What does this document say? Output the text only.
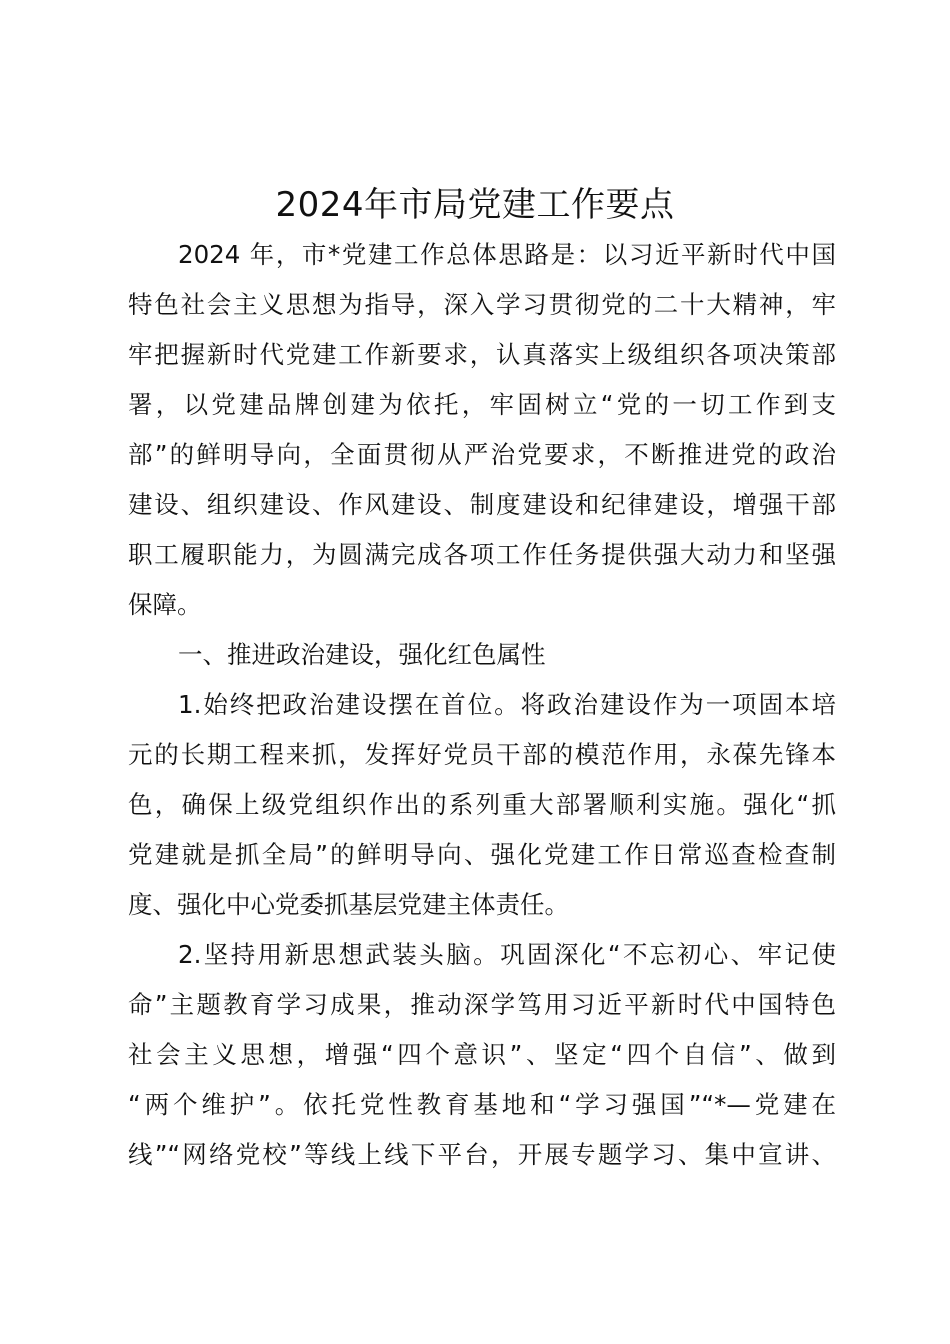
2024年市局党建工作要点
2024 年，市*党建工作总体思路是：以习近平新时代中国
特色社会主义思想为指导，深入学习贯彻党的二十大精神，牢
牢把握新时代党建工作新要求，认真落实上级组织各项决策部
署，以党建品牌创建为依托，牢固树立“党的一切工作到支
部”的鲜明导向，全面贯彻从严治党要求，不断推进党的政治
建设、组织建设、作风建设、制度建设和纪律建设，增强干部
职工履职能力，为圆满完成各项工作任务提供强大动力和坚强
保障。
一、推进政治建设，强化红色属性
1.始终把政治建设摆在首位。将政治建设作为一项固本培
元的长期工程来抓，发挥好党员干部的模范作用，永葆先锋本
色，确保上级党组织作出的系列重大部署顺利实施。强化“抓
党建就是抓全局”的鲜明导向、强化党建工作日常巡查检查制
度、强化中心党委抓基层党建主体责任。
2.坚持用新思想武装头脑。巩固深化“不忘初心、牢记使
命”主题教育学习成果，推动深学笃用习近平新时代中国特色
社会主义思想，增强“四个意识”、坚定“四个自信”、做到
“两个维护”。依托党性教育基地和“学习强国”“*—党建在
线”“网络党校”等线上线下平台，开展专题学习、集中宣讲、
